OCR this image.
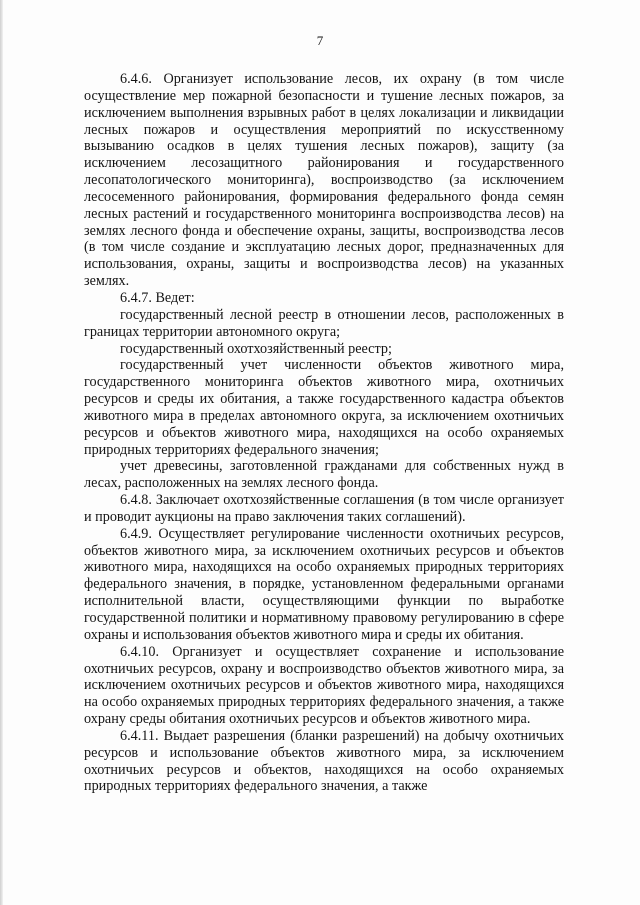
7

6.4.6. Организует использование лесов, их охрану (в том числе осуществление мер пожарной безопасности и тушение лесных пожаров, за исключением выполнения взрывных работ в целях локализации и ликвидации лесных пожаров и осуществления мероприятий по искусственному вызыванию осадков в целях тушения лесных пожаров), защиту (за исключением лесозащитного районирования и государственного лесопатологического мониторинга), воспроизводство (за исключением лесосеменного районирования, формирования федерального фонда семян лесных растений и государственного мониторинга воспроизводства лесов) на землях лесного фонда и обеспечение охраны, защиты, воспроизводства лесов (в том числе создание и эксплуатацию лесных дорог, предназначенных для использования, охраны, защиты и воспроизводства лесов) на указанных землях.

6.4.7. Ведет:

государственный лесной реестр в отношении лесов, расположенных в границах территории автономного округа;

государственный охотхозяйственный реестр;

государственный учет численности объектов животного мира, государственного мониторинга объектов животного мира, охотничьих ресурсов и среды их обитания, а также государственного кадастра объектов животного мира в пределах автономного округа, за исключением охотничьих ресурсов и объектов животного мира, находящихся на особо охраняемых природных территориях федерального значения;

учет древесины, заготовленной гражданами для собственных нужд в лесах, расположенных на землях лесного фонда.

6.4.8. Заключает охотхозяйственные соглашения (в том числе организует и проводит аукционы на право заключения таких соглашений).

6.4.9. Осуществляет регулирование численности охотничьих ресурсов, объектов животного мира, за исключением охотничьих ресурсов и объектов животного мира, находящихся на особо охраняемых природных территориях федерального значения, в порядке, установленном федеральными органами исполнительной власти, осуществляющими функции по выработке государственной политики и нормативному правовому регулированию в сфере охраны и использования объектов животного мира и среды их обитания.

6.4.10. Организует и осуществляет сохранение и использование охотничьих ресурсов, охрану и воспроизводство объектов животного мира, за исключением охотничьих ресурсов и объектов животного мира, находящихся на особо охраняемых природных территориях федерального значения, а также охрану среды обитания охотничьих ресурсов и объектов животного мира.

6.4.11. Выдает разрешения (бланки разрешений) на добычу охотничьих ресурсов и использование объектов животного мира, за исключением охотничьих ресурсов и объектов, находящихся на особо охраняемых природных территориях федерального значения, а также
